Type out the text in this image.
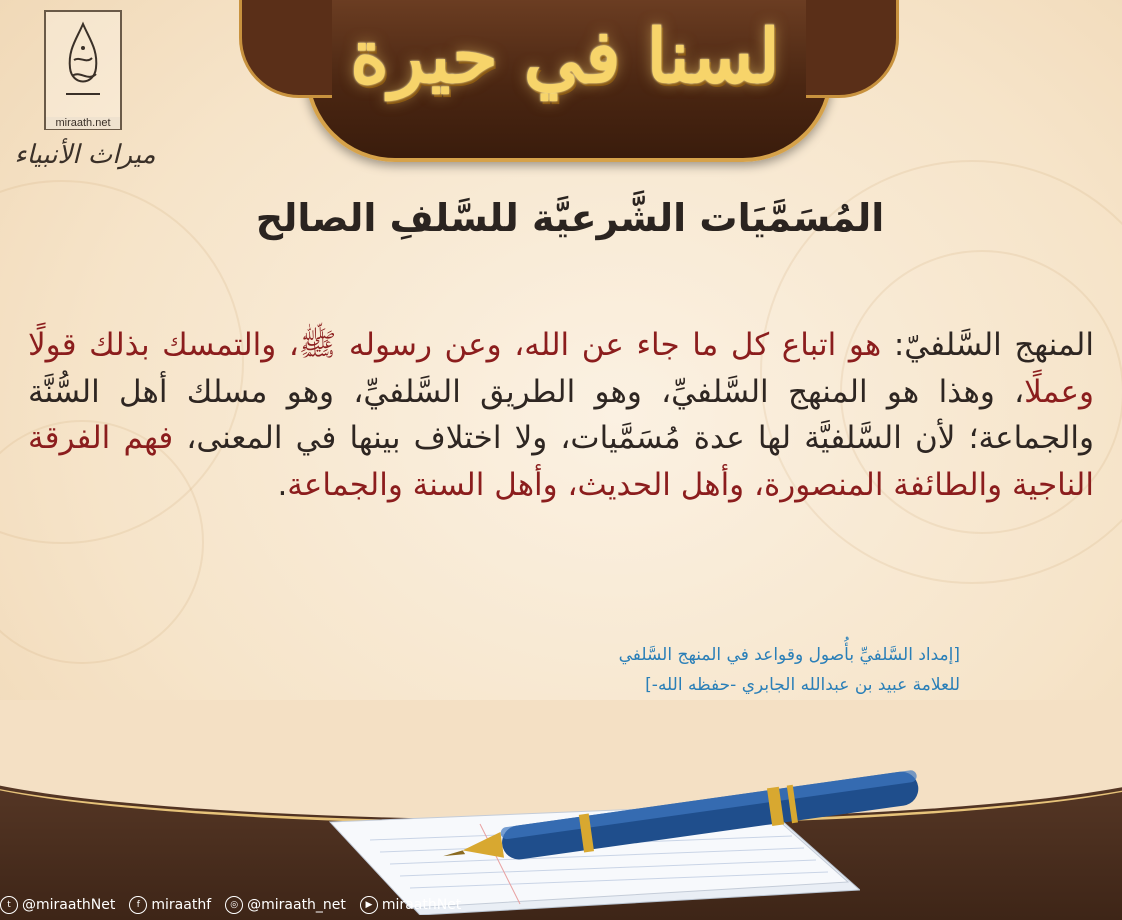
miraath.net
ميراث الأنبياء
لسنا في حيرة
المُسَمَّيَات الشَّرعيَّة للسَّلفِ الصالح
المنهج السَّلفيّ: هو اتباع كل ما جاء عن الله، وعن رسوله ﷺ، والتمسك بذلك قولًا وعملًا، وهذا هو المنهج السَّلفيِّ، وهو الطريق السَّلفيِّ، وهو مسلك أهل السُّنَّة والجماعة؛ لأن السَّلفيَّة لها عدة مُسَمَّيات، ولا اختلاف بينها في المعنى، فهم الفرقة الناجية والطائفة المنصورة، وأهل الحديث، وأهل السنة والجماعة.
[إمداد السَّلفيِّ بأُصول وقواعد في المنهج السَّلفي
للعلامة عبيد بن عبدالله الجابري -حفظه الله-]
t @miraathNet	f miraathf	◎ @miraath_net	▶ miraathNet
